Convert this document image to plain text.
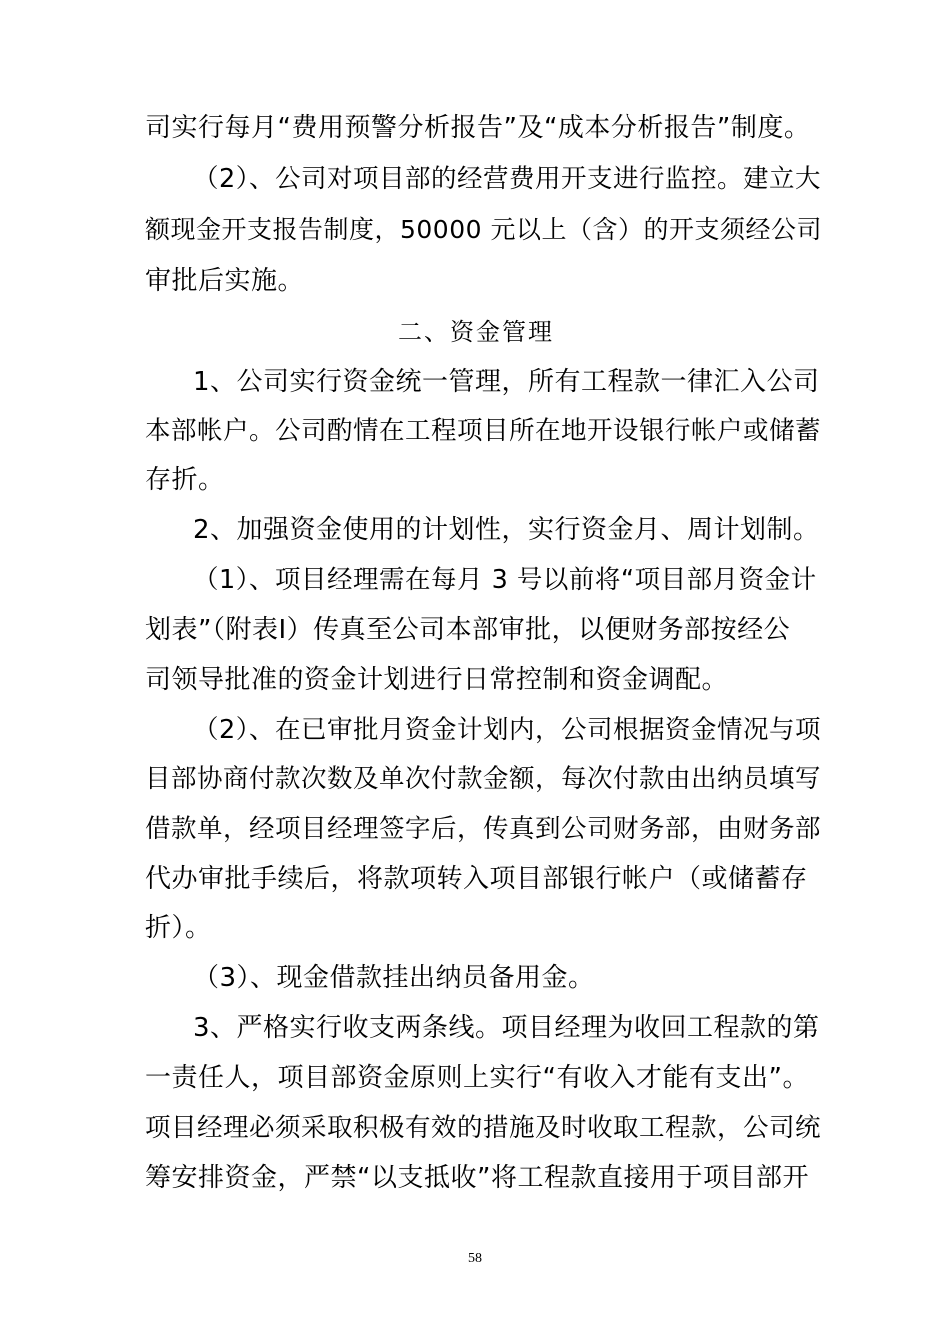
司实行每月“费用预警分析报告”及“成本分析报告”制度。
（2）、公司对项目部的经营费用开支进行监控。建立大
额现金开支报告制度，50000 元以上（含）的开支须经公司
审批后实施。
二、资金管理
1、公司实行资金统一管理，所有工程款一律汇入公司
本部帐户。公司酌情在工程项目所在地开设银行帐户或储蓄
存折。
2、加强资金使用的计划性，实行资金月、周计划制。
（1）、项目经理需在每月 3 号以前将“项目部月资金计
划表”（附表Ⅰ）传真至公司本部审批，以便财务部按经公
司领导批准的资金计划进行日常控制和资金调配。
（2）、在已审批月资金计划内，公司根据资金情况与项
目部协商付款次数及单次付款金额，每次付款由出纳员填写
借款单，经项目经理签字后，传真到公司财务部，由财务部
代办审批手续后，将款项转入项目部银行帐户（或储蓄存
折）。
（3）、现金借款挂出纳员备用金。
3、严格实行收支两条线。项目经理为收回工程款的第
一责任人，项目部资金原则上实行“有收入才能有支出”。
项目经理必须采取积极有效的措施及时收取工程款，公司统
筹安排资金，严禁“以支抵收”将工程款直接用于项目部开
58
